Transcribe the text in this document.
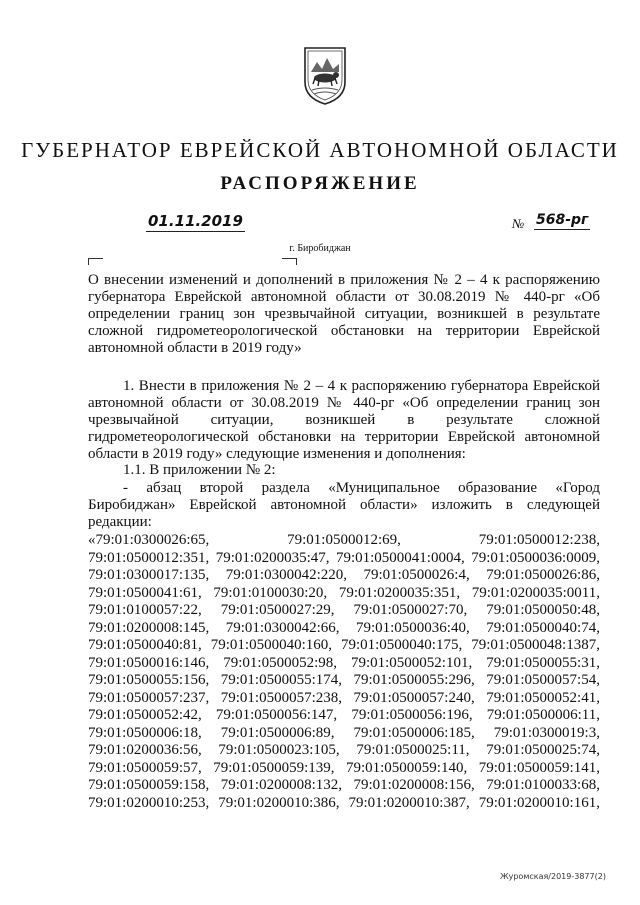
ГУБЕРНАТОР ЕВРЕЙСКОЙ АВТОНОМНОЙ ОБЛАСТИ
РАСПОРЯЖЕНИЕ
01.11.2019	№ 568-рг
г. Биробиджан
О внесении изменений и дополнений в приложения № 2 – 4 к распоряжению губернатора Еврейской автономной области от 30.08.2019 № 440-рг «Об определении границ зон чрезвычайной ситуации, возникшей в результате сложной гидрометеорологической обстановки на территории Еврейской автономной области в 2019 году»
1. Внести в приложения № 2 – 4 к распоряжению губернатора Еврейской автономной области от 30.08.2019 № 440-рг «Об определении границ зон чрезвычайной ситуации, возникшей в результате сложной гидрометеорологической обстановки на территории Еврейской автономной области в 2019 году» следующие изменения и дополнения:
1.1. В приложении № 2:
- абзац второй раздела «Муниципальное образование «Город Биробиджан» Еврейской автономной области» изложить в следующей редакции:
«79:01:0300026:65,	79:01:0500012:69,	79:01:0500012:238,
79:01:0500012:351, 79:01:0200035:47, 79:01:0500041:0004, 79:01:0500036:0009,
79:01:0300017:135, 79:01:0300042:220, 79:01:0500026:4, 79:01:0500026:86,
79:01:0500041:61, 79:01:0100030:20, 79:01:0200035:351, 79:01:0200035:0011,
79:01:0100057:22, 79:01:0500027:29, 79:01:0500027:70, 79:01:0500050:48,
79:01:0200008:145, 79:01:0300042:66, 79:01:0500036:40, 79:01:0500040:74,
79:01:0500040:81, 79:01:0500040:160, 79:01:0500040:175, 79:01:0500048:1387,
79:01:0500016:146, 79:01:0500052:98, 79:01:0500052:101, 79:01:0500055:31,
79:01:0500055:156, 79:01:0500055:174, 79:01:0500055:296, 79:01:0500057:54,
79:01:0500057:237, 79:01:0500057:238, 79:01:0500057:240, 79:01:0500052:41,
79:01:0500052:42, 79:01:0500056:147, 79:01:0500056:196, 79:01:0500006:11,
79:01:0500006:18, 79:01:0500006:89, 79:01:0500006:185, 79:01:0300019:3,
79:01:0200036:56, 79:01:0500023:105, 79:01:0500025:11, 79:01:0500025:74,
79:01:0500059:57, 79:01:0500059:139, 79:01:0500059:140, 79:01:0500059:141,
79:01:0500059:158, 79:01:0200008:132, 79:01:0200008:156, 79:01:0100033:68,
79:01:0200010:253, 79:01:0200010:386, 79:01:0200010:387, 79:01:0200010:161,
Журомская/2019-3877(2)
